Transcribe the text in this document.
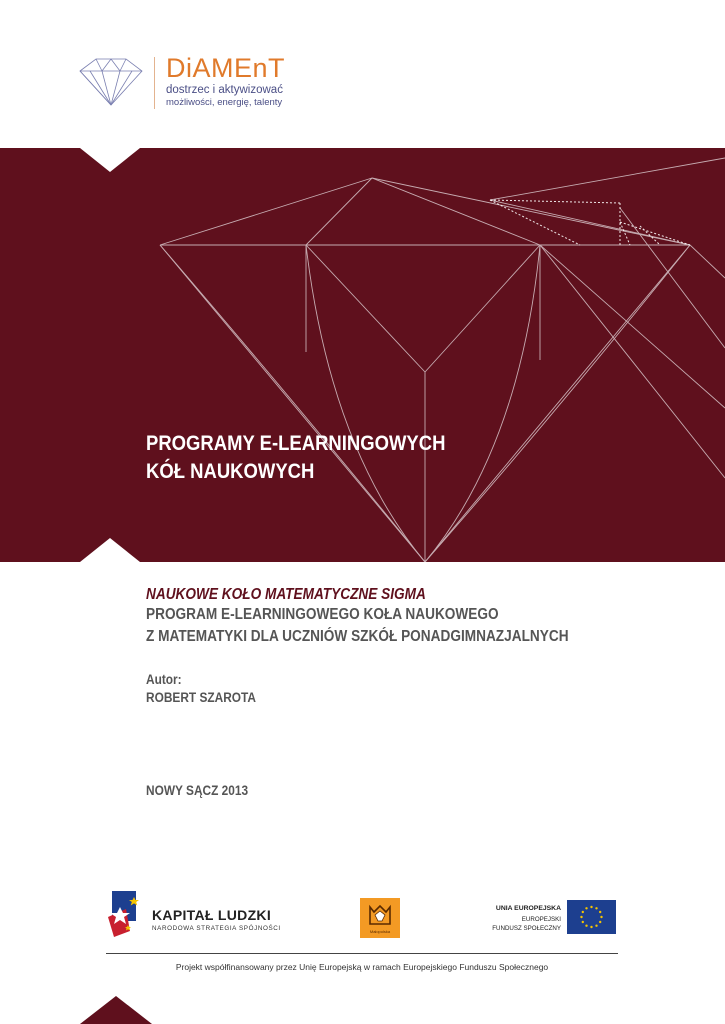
DiAMEnT
dostrzec i aktywizować
możliwości, energię, talenty
PROGRAMY E-LEARNINGOWYCH
KÓŁ NAUKOWYCH
NAUKOWE KOŁO MATEMATYCZNE SIGMA
PROGRAM E-LEARNINGOWEGO KOŁA NAUKOWEGO
Z MATEMATYKI DLA UCZNIÓW SZKÓŁ PONADGIMNAZJALNYCH
Autor:
ROBERT SZAROTA
NOWY SĄCZ 2013
KAPITAŁ LUDZKI
NARODOWA STRATEGIA SPÓJNOŚCI	Małopolska
UNIA EUROPEJSKA
EUROPEJSKI
FUNDUSZ SPOŁECZNY
Projekt współfinansowany przez Unię Europejską w ramach Europejskiego Funduszu Społecznego
